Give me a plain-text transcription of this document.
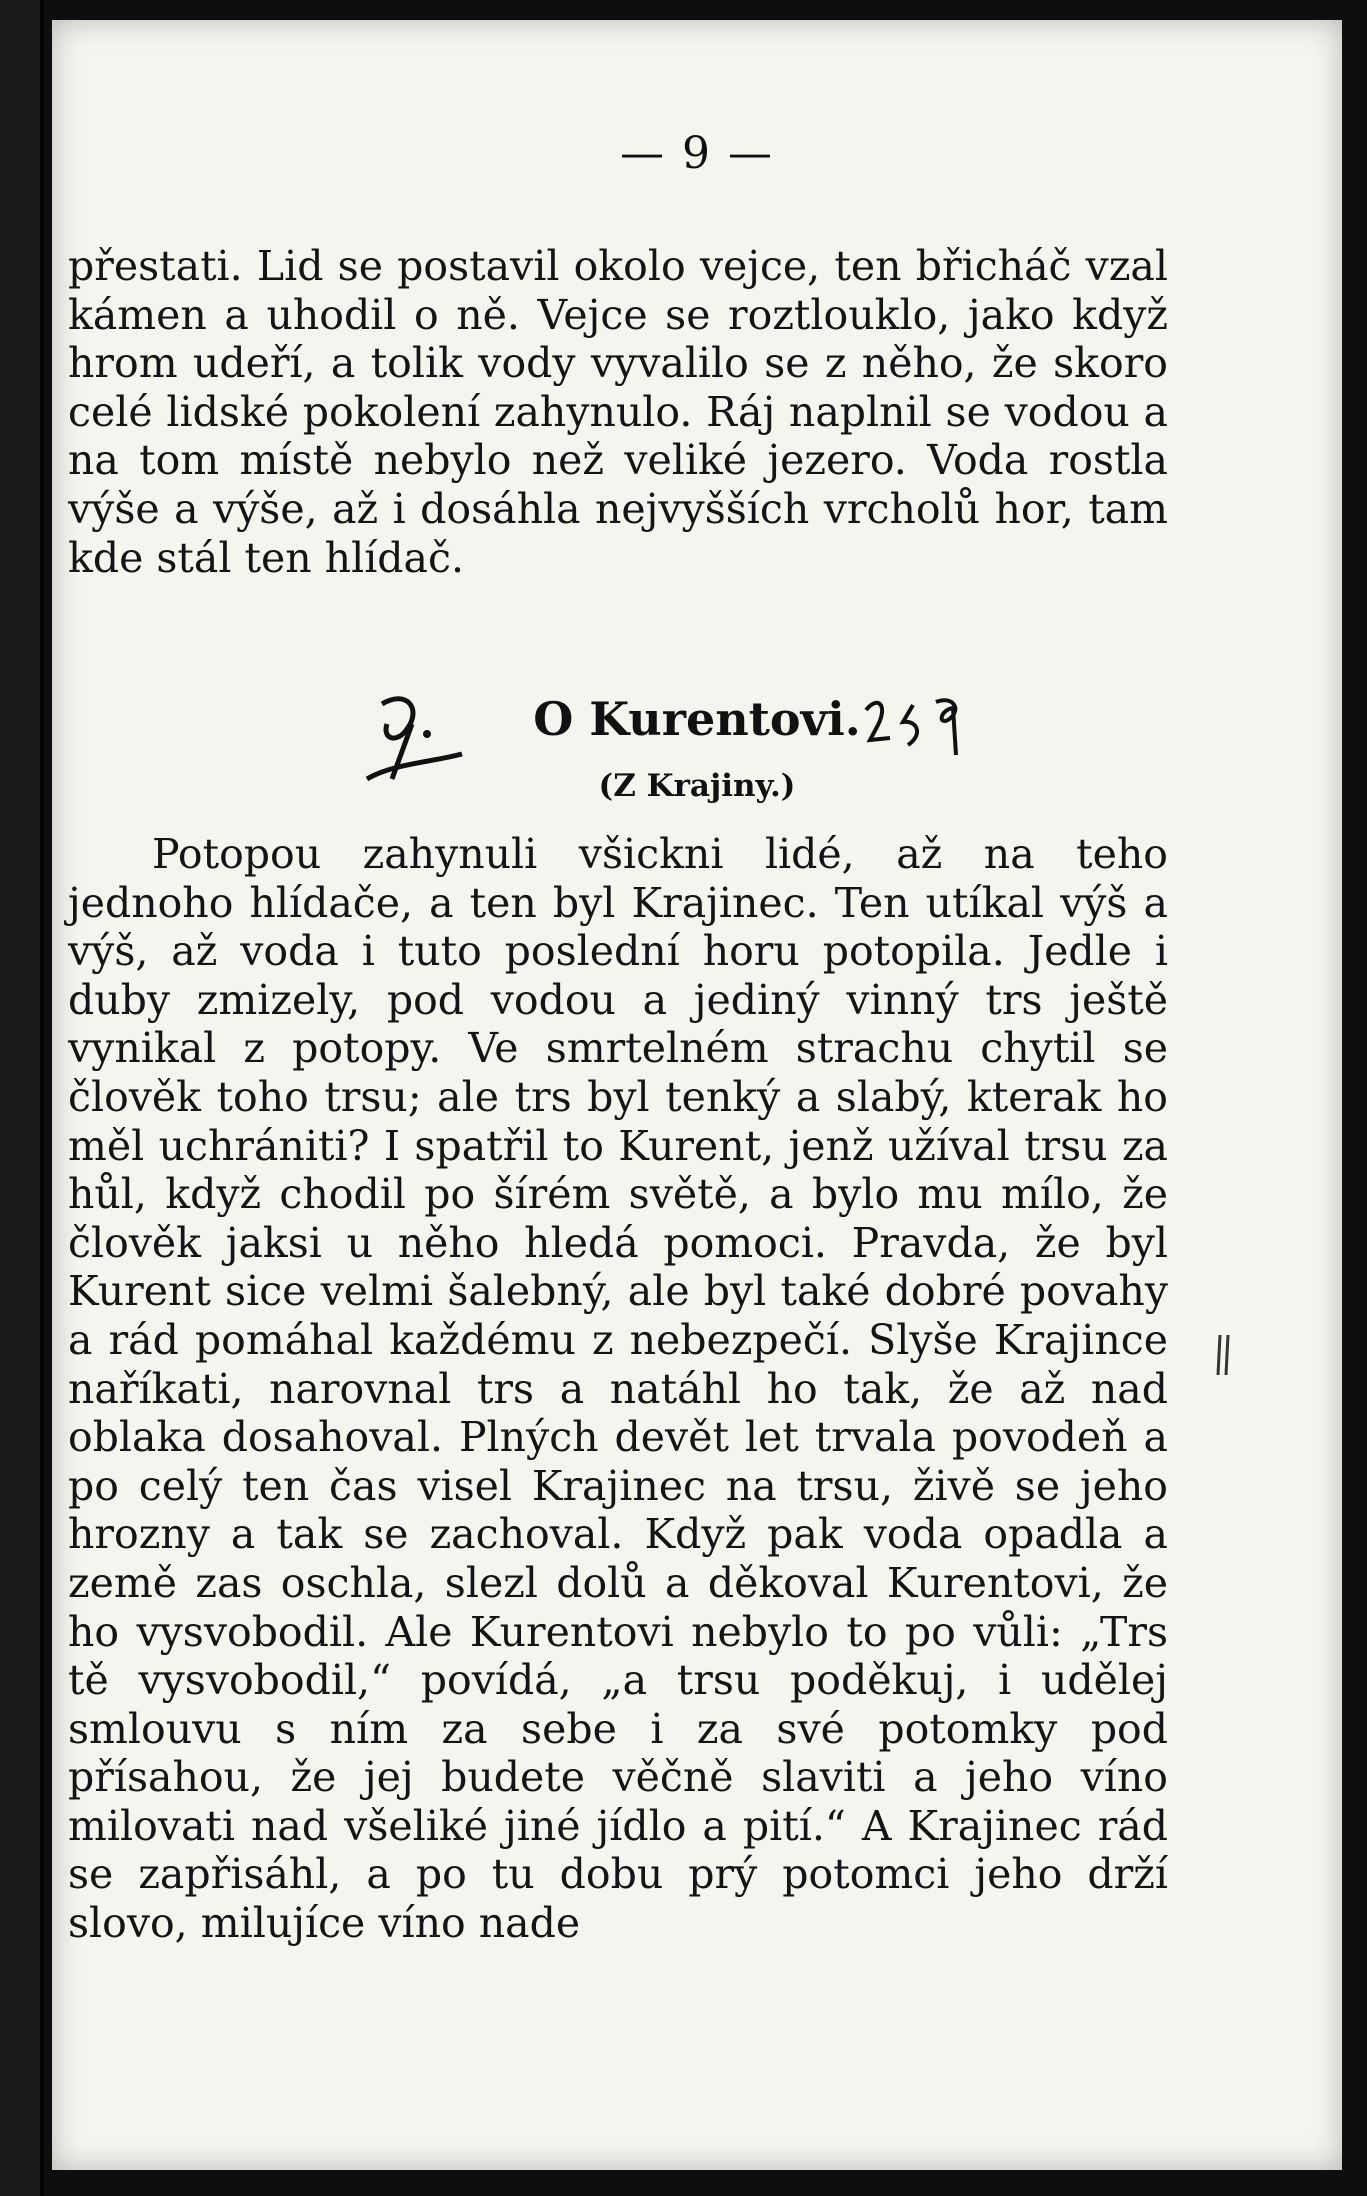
— 9 —

přestati. Lid se postavil okolo vejce, ten břicháč vzal kámen a uhodil o ně. Vejce se roztlouklo, jako když hrom udeří, a tolik vody vyvalilo se z něho, že skoro celé lidské pokolení zahynulo. Ráj naplnil se vodou a na tom místě nebylo než veliké jezero. Voda rostla výše a výše, až i dosáhla nejvyšších vrcholů hor, tam kde stál ten hlídač.

O Kurentovi.
(Z Krajiny.)

Potopou zahynuli všickni lidé, až na teho jednoho hlídače, a ten byl Krajinec. Ten utíkal výš a výš, až voda i tuto poslední horu potopila. Jedle i duby zmizely, pod vodou a jediný vinný trs ještě vynikal z potopy. Ve smrtelném strachu chytil se člověk toho trsu; ale trs byl tenký a slabý, kterak ho měl uchrániti? I spatřil to Kurent, jenž užíval trsu za hůl, když chodil po šírém světě, a bylo mu mílo, že člověk jaksi u něho hledá pomoci. Pravda, že byl Kurent sice velmi šalebný, ale byl také dobré povahy a rád pomáhal každému z nebezpečí. Slyše Krajince naříkati, narovnal trs a natáhl ho tak, že až nad oblaka dosahoval. Plných devět let trvala povodeň a po celý ten čas visel Krajinec na trsu, živě se jeho hrozny a tak se zachoval. Když pak voda opadla a země zas oschla, slezl dolů a děkoval Kurentovi, že ho vysvobodil. Ale Kurentovi nebylo to po vůli: „Trs tě vysvobodil,“ povídá, „a trsu poděkuj, i udělej smlouvu s ním za sebe i za své potomky pod přísahou, že jej budete věčně slaviti a jeho víno milovati nad všeliké jiné jídlo a pití.“ A Krajinec rád se zapřisáhl, a po tu dobu prý potomci jeho drží slovo, milujíce víno nade
